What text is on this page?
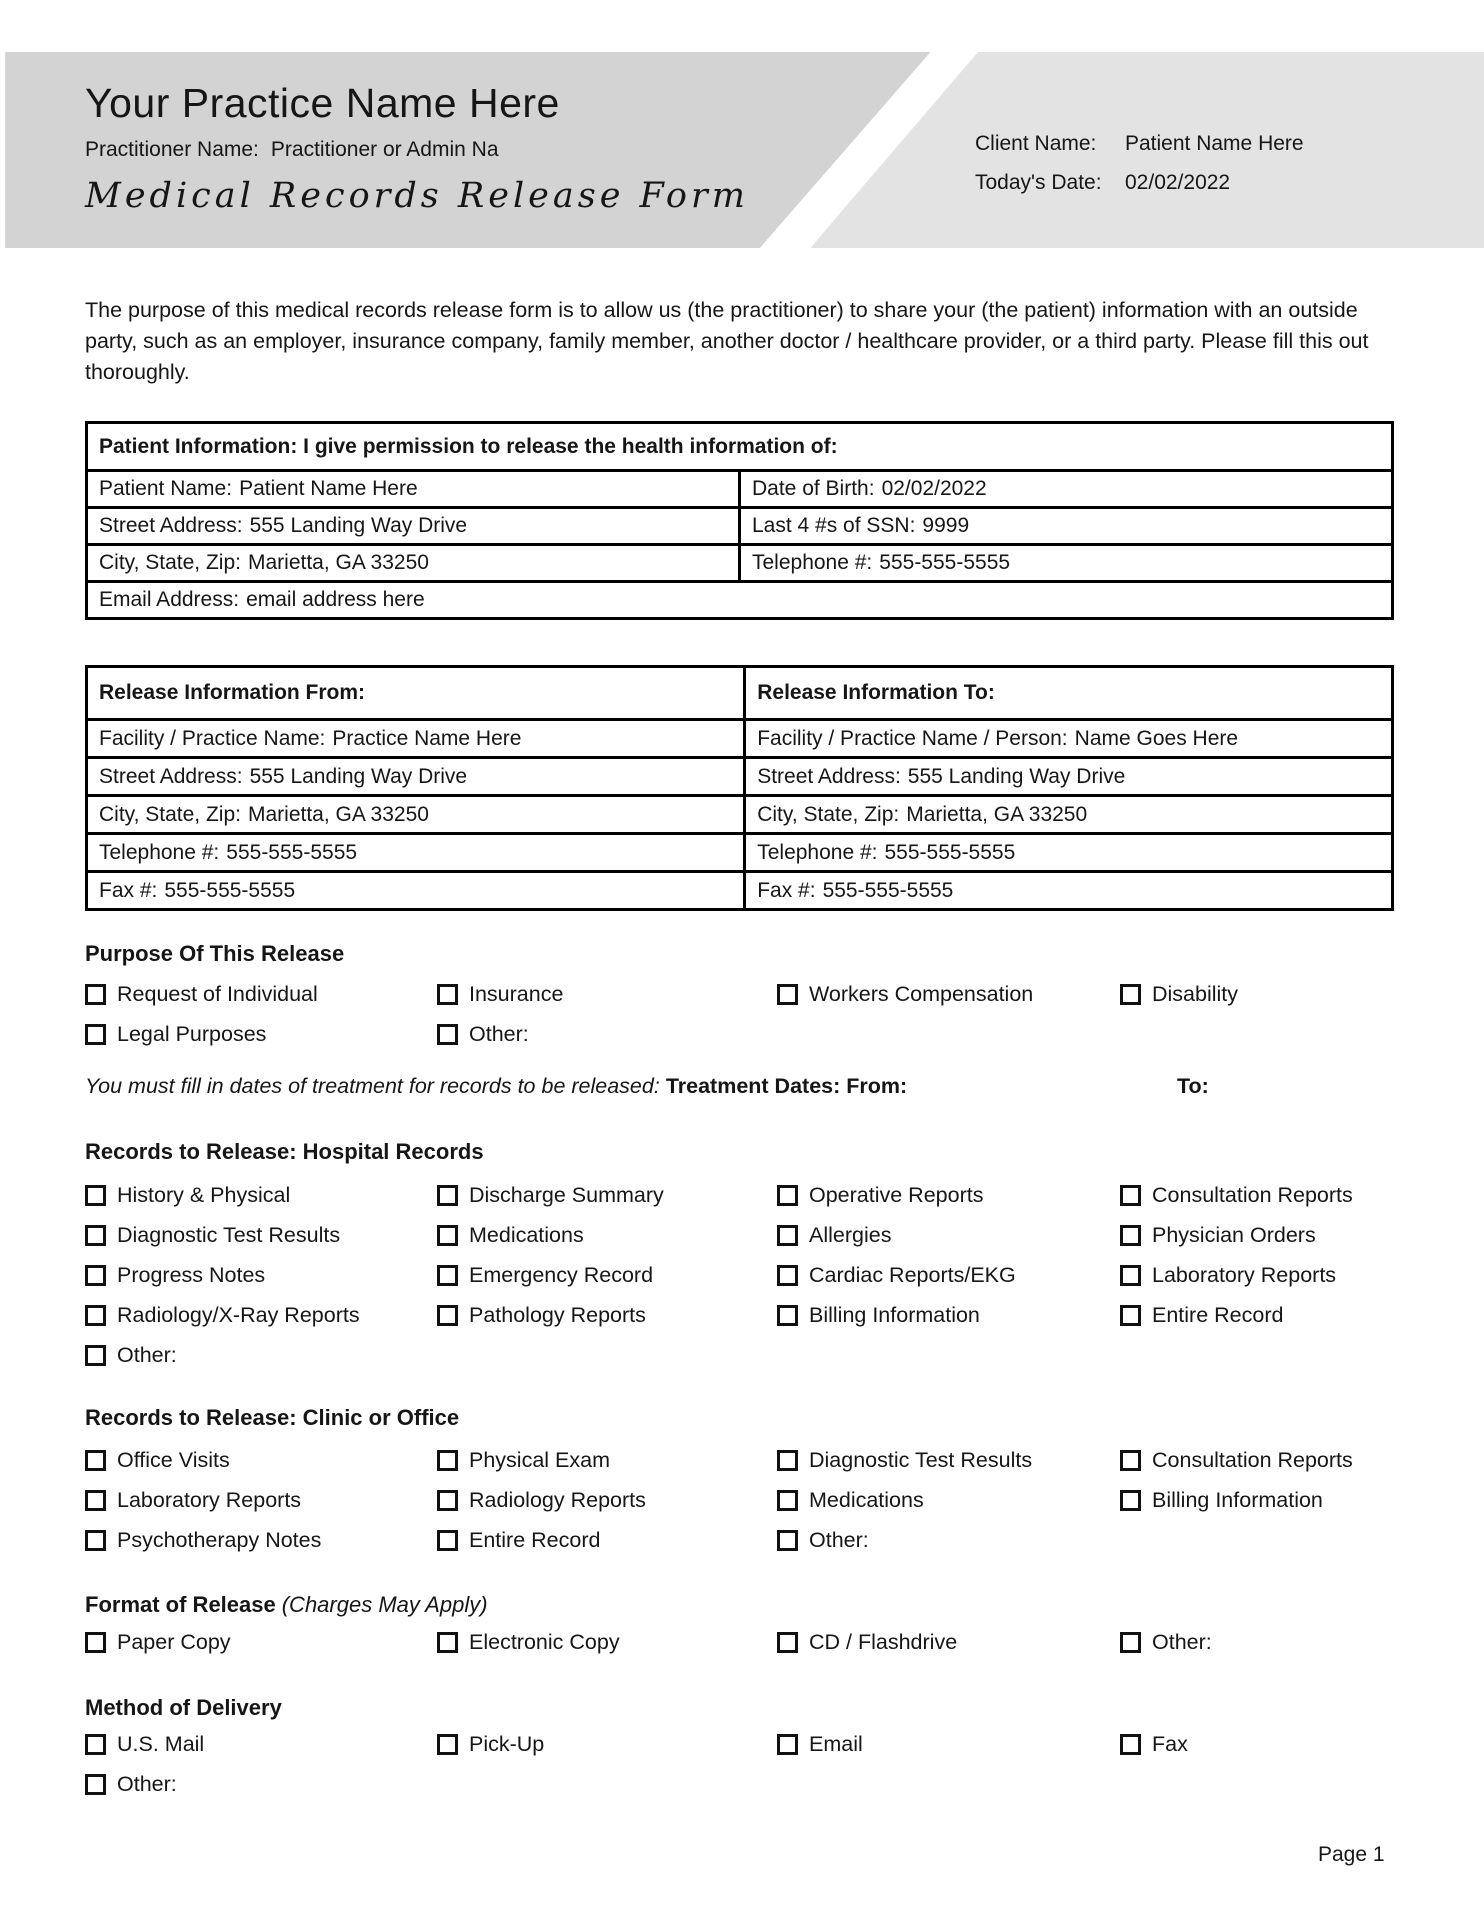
Your Practice Name Here
Practitioner Name: Practitioner or Admin Na
Medical Records Release Form
Client Name: Patient Name Here
Today's Date: 02/02/2022

The purpose of this medical records release form is to allow us (the practitioner) to share your (the patient) information with an outside party, such as an employer, insurance company, family member, another doctor / healthcare provider, or a third party. Please fill this out thoroughly.

Patient Information: I give permission to release the health information of:	
Patient Name: Patient Name Here	Date of Birth: 02/02/2022
Street Address: 555 Landing Way Drive	Last 4 #s of SSN: 9999
City, State, Zip: Marietta, GA 33250	Telephone #: 555-555-5555
Email Address: email address here	
Release Information From:	Release Information To:
Facility / Practice Name: Practice Name Here	Facility / Practice Name / Person: Name Goes Here
Street Address: 555 Landing Way Drive	Street Address: 555 Landing Way Drive
City, State, Zip: Marietta, GA 33250	City, State, Zip: Marietta, GA 33250
Telephone #: 555-555-5555	Telephone #: 555-555-5555
Fax #: 555-555-5555	Fax #: 555-555-5555
Purpose Of This Release
Request of Individual	Insurance	Workers Compensation	Disability
Legal Purposes	Other:
You must fill in dates of treatment for records to be released: Treatment Dates: From:	To:
Records to Release: Hospital Records
History & Physical	Discharge Summary	Operative Reports	Consultation Reports
Diagnostic Test Results	Medications	Allergies	Physician Orders
Progress Notes	Emergency Record	Cardiac Reports/EKG	Laboratory Reports
Radiology/X-Ray Reports	Pathology Reports	Billing Information	Entire Record
Other:
Records to Release: Clinic or Office
Office Visits	Physical Exam	Diagnostic Test Results	Consultation Reports
Laboratory Reports	Radiology Reports	Medications	Billing Information
Psychotherapy Notes	Entire Record	Other:
Format of Release (Charges May Apply)
Paper Copy	Electronic Copy	CD / Flashdrive	Other:
Method of Delivery
U.S. Mail	Pick-Up	Email	Fax
Other:
Page 1
